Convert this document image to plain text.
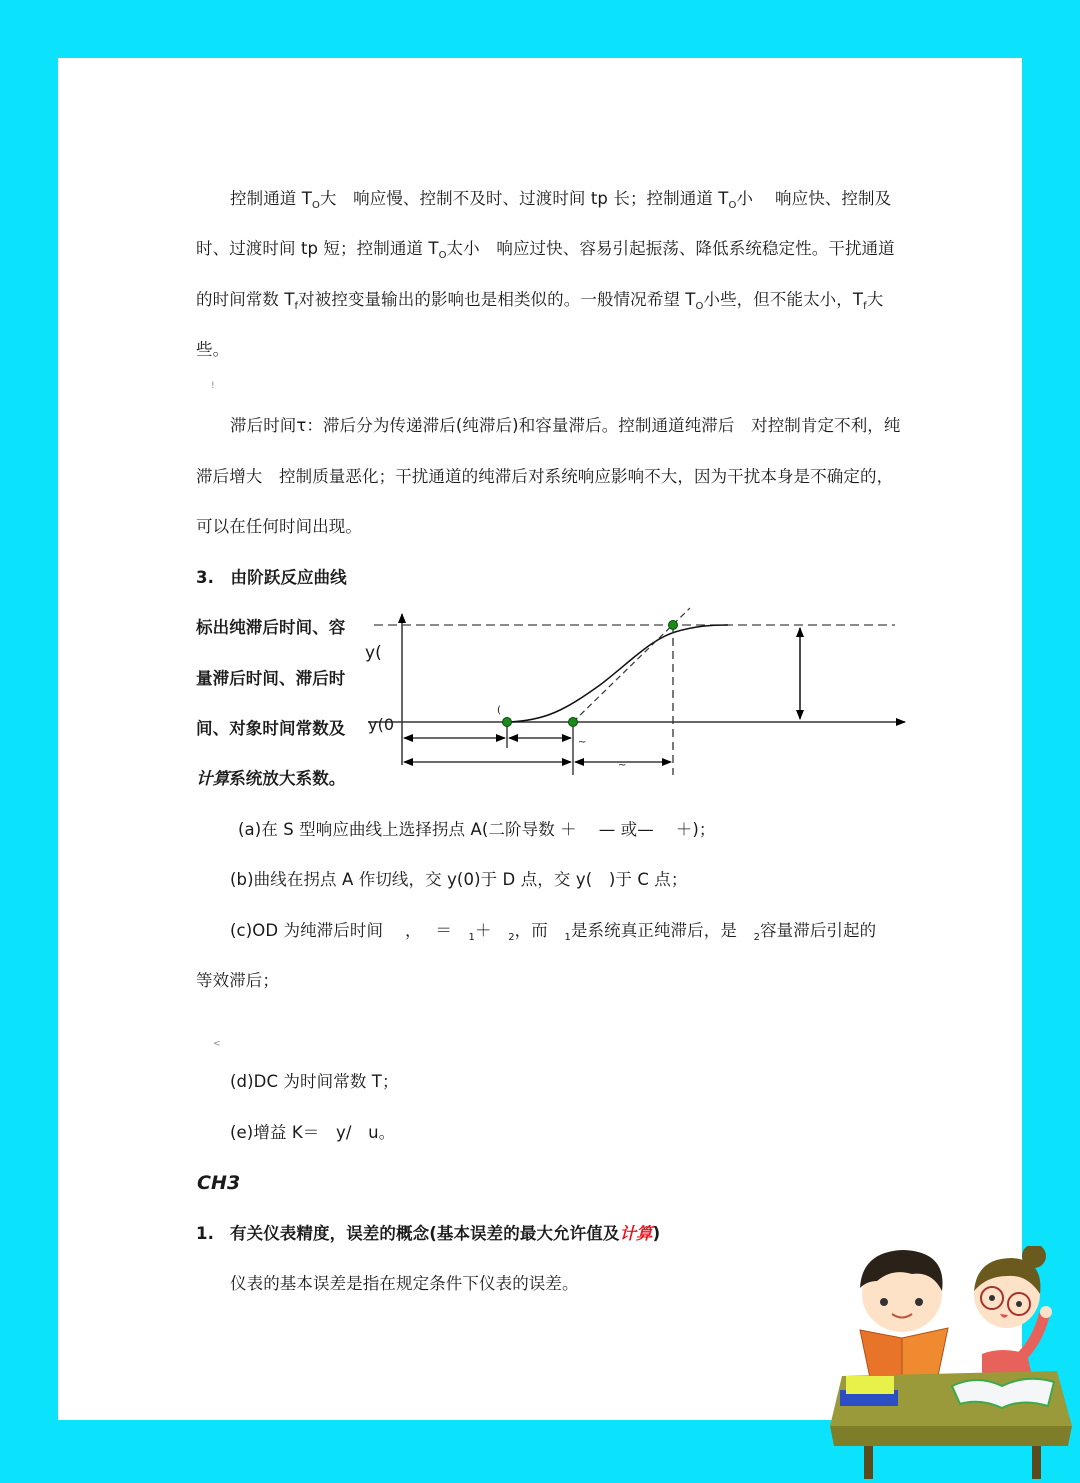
控制通道 $T_O$大　响应慢、控制不及时、过渡时间 tp 长；控制通道 $T_O$小　 响应快、控制及
时、过渡时间 tp 短；控制通道 $T_O$太小　响应过快、容易引起振荡、降低系统稳定性。干扰通道
的时间常数 $T_f$对被控变量输出的影响也是相类似的。一般情况希望 $T_O$小些，但不能太小，$T_f$大
些。
!
滞后时间τ：滞后分为传递滞后(纯滞后)和容量滞后。控制通道纯滞后　对控制肯定不利，纯
滞后增大　控制质量恶化；干扰通道的纯滞后对系统响应影响不大，因为干扰本身是不确定的，
可以在任何时间出现。
3.　由阶跃反应曲线
标出纯滞后时间、容
量滞后时间、滞后时
间、对象时间常数及
计算系统放大系数。
y(
y(0
(
~
~
(a)在 S 型响应曲线上选择拐点 A(二阶导数 ＋　 — 或—　 ＋)；
(b)曲线在拐点 A 作切线，交 y(0)于 D 点，交 y(　)于 C 点；
(c)OD 为纯滞后时间　 ，　 ＝　$_1$＋　$_2$，而　$_1$是系统真正纯滞后，是　$_2$容量滞后引起的
等效滞后；
<
(d)DC 为时间常数 T；
(e)增益 K＝　y/　u。
CH3
1. 有关仪表精度，误差的概念(基本误差的最大允许值及计算)
仪表的基本误差是指在规定条件下仪表的误差。
